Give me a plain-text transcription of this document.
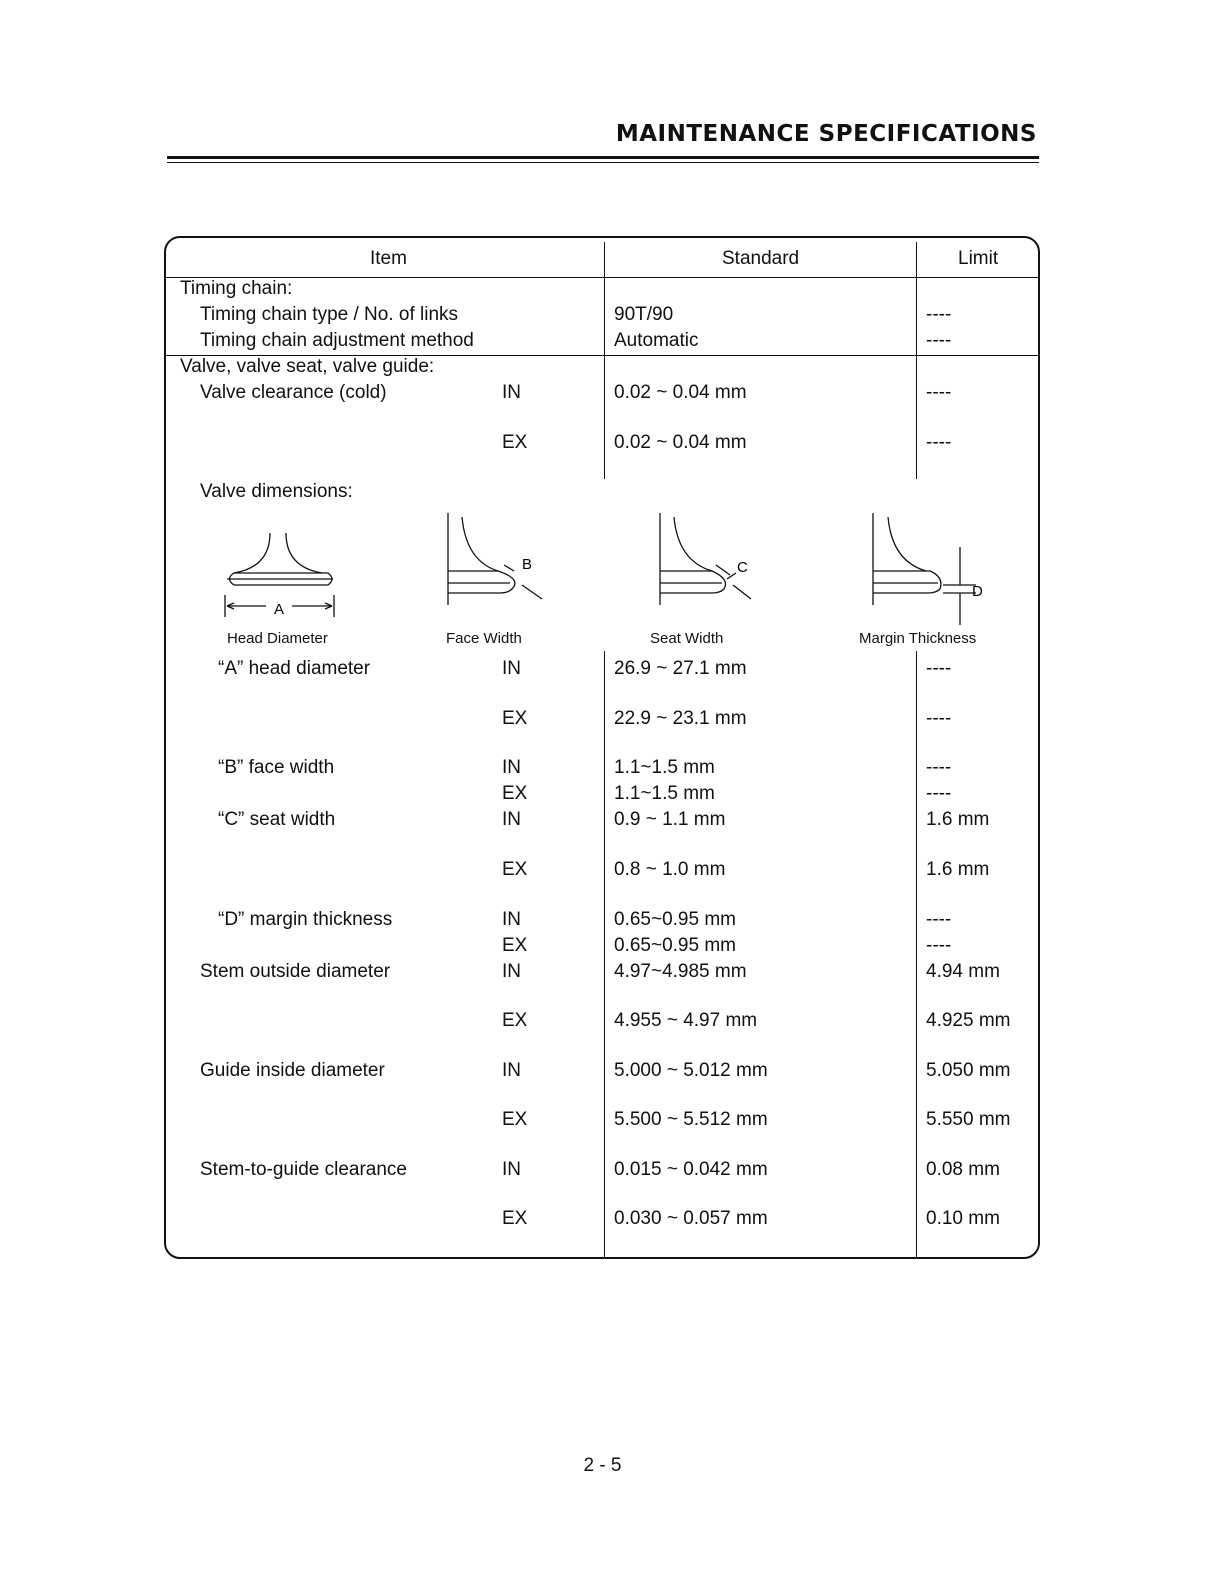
MAINTENANCE SPECIFICATIONS
Item	Standard	Limit
Timing chain:
Timing chain type / No. of links	90T/90	----
Timing chain adjustment method	Automatic	----
Valve, valve seat, valve guide:
Valve clearance (cold)	IN	0.02 ~ 0.04 mm	----
EX	0.02 ~ 0.04 mm	----
Valve dimensions:
“A” head diameter	IN	26.9 ~ 27.1 mm	----
EX	22.9 ~ 23.1 mm	----
“B” face width	IN	1.1~1.5 mm	----
EX	1.1~1.5 mm	----
“C” seat width	IN	0.9 ~ 1.1 mm	1.6 mm
EX	0.8 ~ 1.0 mm	1.6 mm
“D” margin thickness	IN	0.65~0.95 mm	----
EX	0.65~0.95 mm	----
Stem outside diameter	IN	4.97~4.985 mm	4.94 mm
EX	4.955 ~ 4.97 mm	4.925 mm
Guide inside diameter	IN	5.000 ~ 5.012 mm	5.050 mm
EX	5.500 ~ 5.512 mm	5.550 mm
Stem-to-guide clearance	IN	0.015 ~ 0.042 mm	0.08 mm
EX	0.030 ~ 0.057 mm	0.10 mm
A
B	C
D
Head Diameter	Face Width	Seat Width	Margin Thickness
2 - 5
